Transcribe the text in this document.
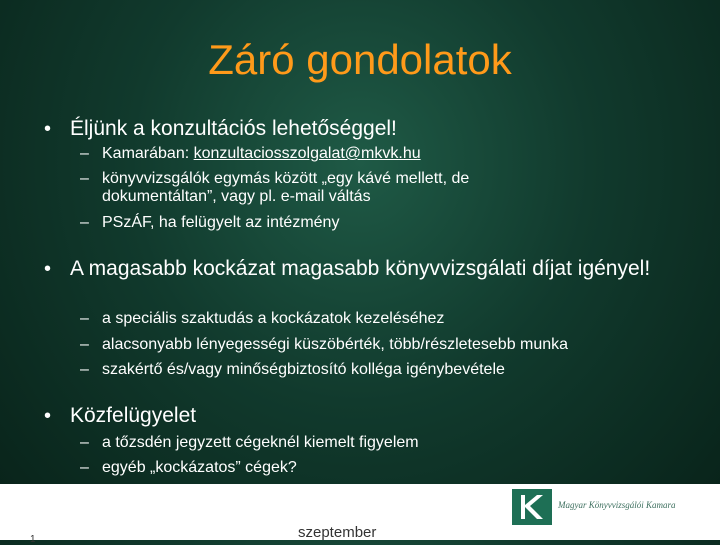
Záró gondolatok
• Éljünk a konzultációs lehetőséggel!
– Kamarában: konzultaciosszolgalat@mkvk.hu
– könyvvizsgálók egymás között „egy kávé mellett, de dokumentáltan”, vagy pl. e-mail váltás
– PSzÁF, ha felügyelt az intézmény
• A magasabb kockázat magasabb könyvvizsgálati díjat igényel!
– a speciális szaktudás a kockázatok kezeléséhez
– alacsonyabb lényegességi küszöbérték, több/részletesebb munka
– szakértő és/vagy minőségbiztosító kolléga igénybevétele
• Közfelügyelet
– a tőzsdén jegyzett cégeknél kiemelt figyelem
– egyéb „kockázatos” cégek?
1	szeptember
Magyar Könyvvizsgálói Kamara
